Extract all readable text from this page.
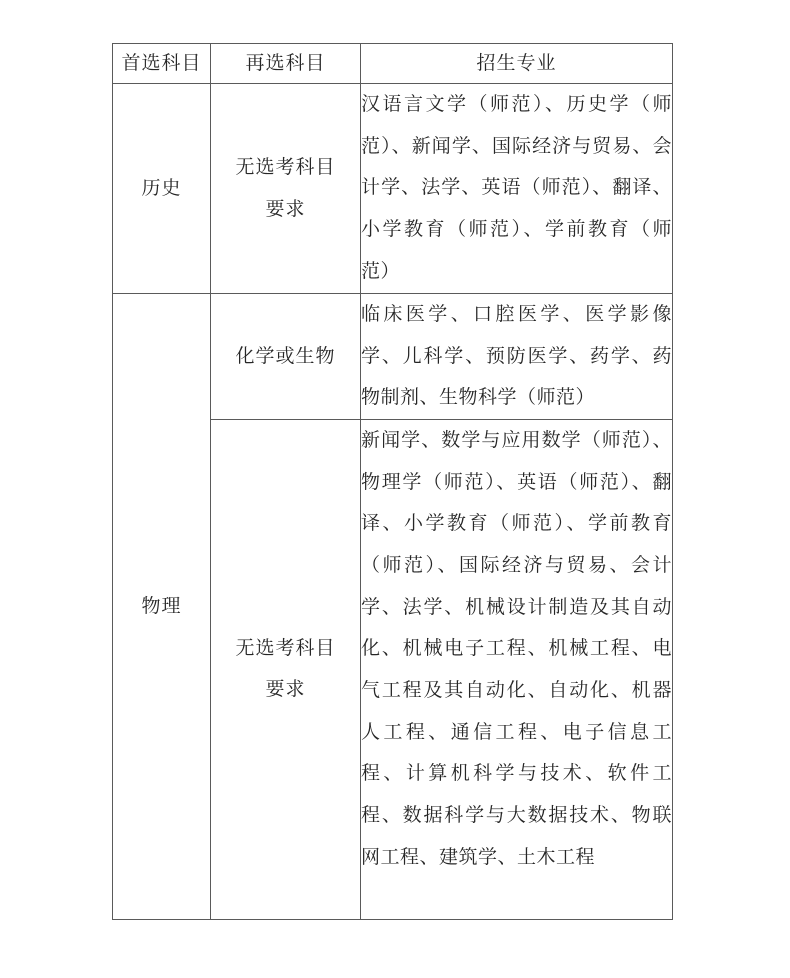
首选科目	再选科目	招生专业
历史	无选考科目要求	汉语言文学（师范）、历史学（师范）、新闻学、国际经济与贸易、会计学、法学、英语（师范）、翻译、小学教育（师范）、学前教育（师范）
物理	化学或生物	临床医学、口腔医学、医学影像学、儿科学、预防医学、药学、药物制剂、生物科学（师范）
	无选考科目要求	新闻学、数学与应用数学（师范）、物理学（师范）、英语（师范）、翻译、小学教育（师范）、学前教育（师范）、国际经济与贸易、会计学、法学、机械设计制造及其自动化、机械电子工程、机械工程、电气工程及其自动化、自动化、机器人工程、通信工程、电子信息工程、计算机科学与技术、软件工程、数据科学与大数据技术、物联网工程、建筑学、土木工程
